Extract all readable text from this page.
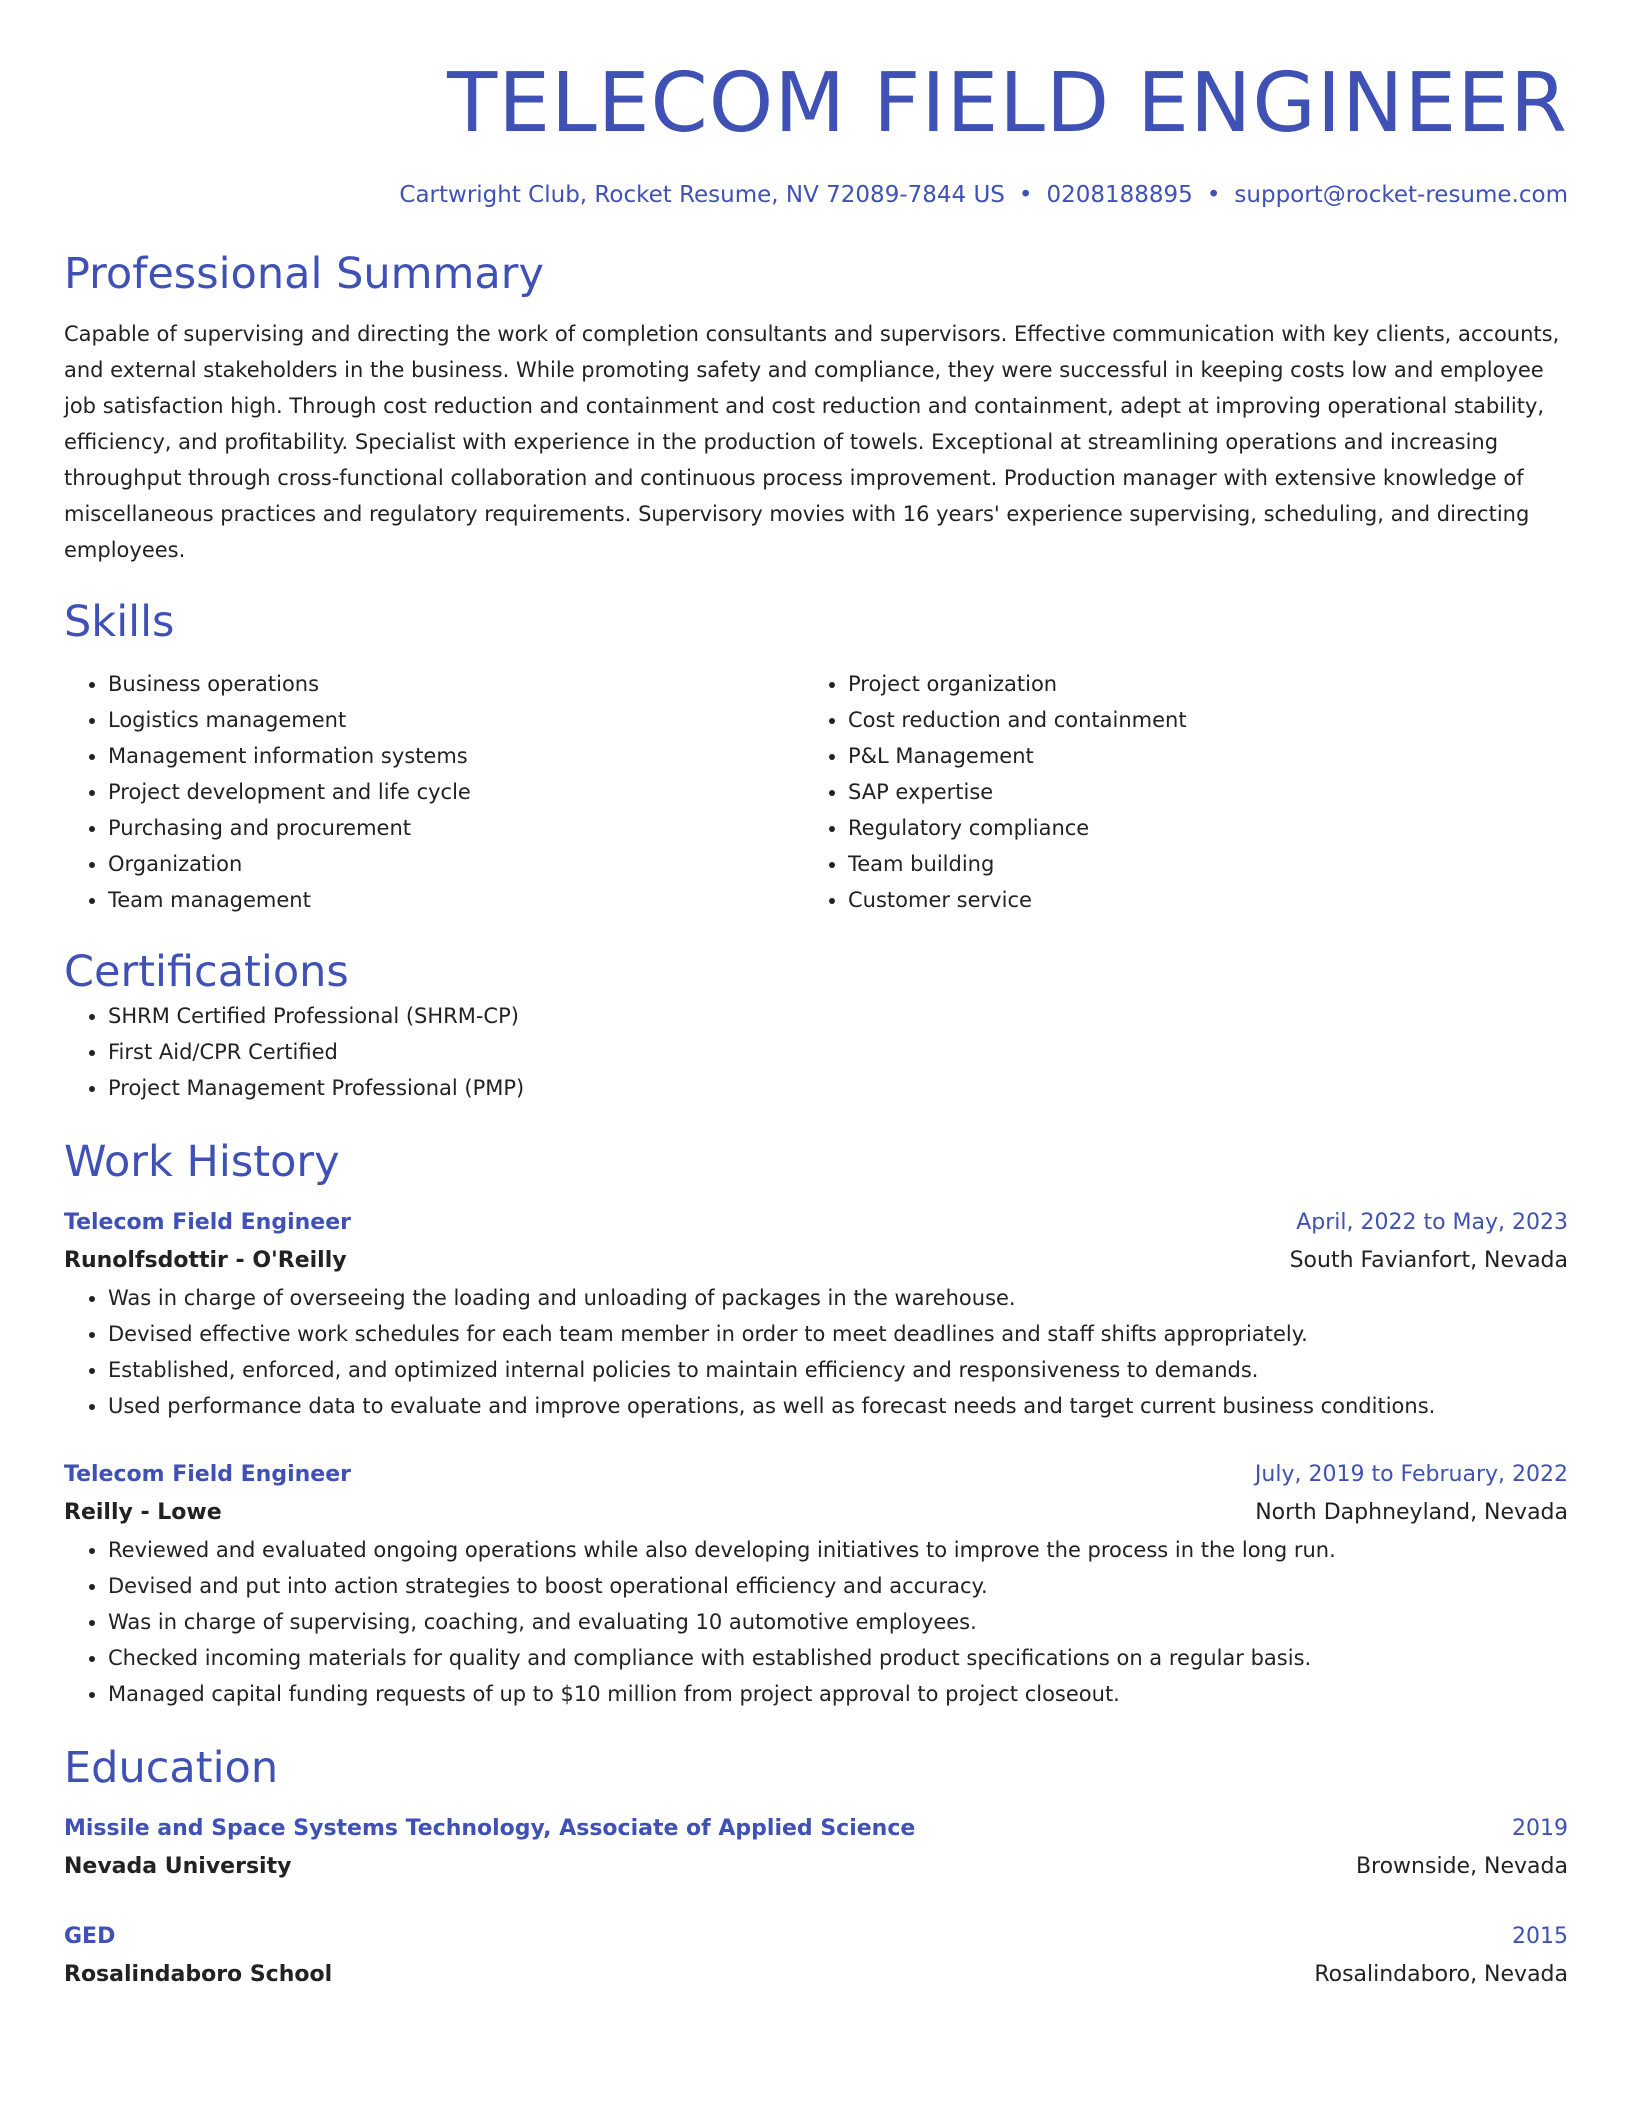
TELECOM FIELD ENGINEER
Cartwright Club, Rocket Resume, NV 72089-7844 US • 0208188895 • support@rocket-resume.com
Professional Summary
Capable of supervising and directing the work of completion consultants and supervisors. Effective communication with key clients, accounts, and external stakeholders in the business. While promoting safety and compliance, they were successful in keeping costs low and employee job satisfaction high. Through cost reduction and containment and cost reduction and containment, adept at improving operational stability, efficiency, and profitability. Specialist with experience in the production of towels. Exceptional at streamlining operations and increasing throughput through cross-functional collaboration and continuous process improvement. Production manager with extensive knowledge of miscellaneous practices and regulatory requirements. Supervisory movies with 16 years' experience supervising, scheduling, and directing employees.
Skills
• Business operations
• Logistics management
• Management information systems
• Project development and life cycle
• Purchasing and procurement
• Organization
• Team management
• Project organization
• Cost reduction and containment
• P&L Management
• SAP expertise
• Regulatory compliance
• Team building
• Customer service
Certifications
• SHRM Certified Professional (SHRM-CP)
• First Aid/CPR Certified
• Project Management Professional (PMP)
Work History
Telecom Field Engineer	April, 2022 to May, 2023
Runolfsdottir - O'Reilly	South Favianfort, Nevada
• Was in charge of overseeing the loading and unloading of packages in the warehouse.
• Devised effective work schedules for each team member in order to meet deadlines and staff shifts appropriately.
• Established, enforced, and optimized internal policies to maintain efficiency and responsiveness to demands.
• Used performance data to evaluate and improve operations, as well as forecast needs and target current business conditions.
Telecom Field Engineer	July, 2019 to February, 2022
Reilly - Lowe	North Daphneyland, Nevada
• Reviewed and evaluated ongoing operations while also developing initiatives to improve the process in the long run.
• Devised and put into action strategies to boost operational efficiency and accuracy.
• Was in charge of supervising, coaching, and evaluating 10 automotive employees.
• Checked incoming materials for quality and compliance with established product specifications on a regular basis.
• Managed capital funding requests of up to $10 million from project approval to project closeout.
Education
Missile and Space Systems Technology, Associate of Applied Science	2019
Nevada University	Brownside, Nevada
GED	2015
Rosalindaboro School	Rosalindaboro, Nevada
